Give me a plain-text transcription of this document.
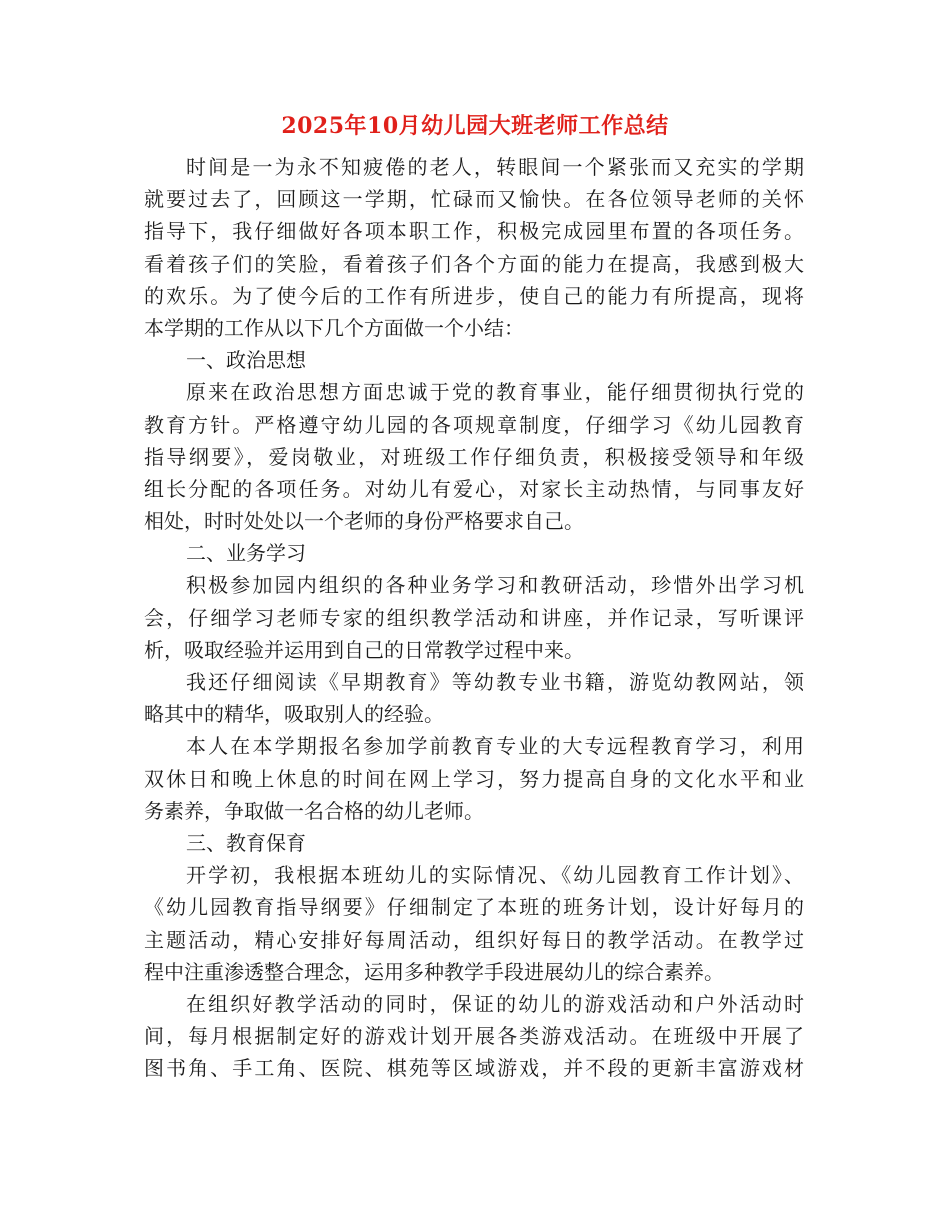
2025年10月幼儿园大班老师工作总结
时间是一为永不知疲倦的老人，转眼间一个紧张而又充实的学期
就要过去了，回顾这一学期，忙碌而又愉快。在各位领导老师的关怀
指导下，我仔细做好各项本职工作，积极完成园里布置的各项任务。
看着孩子们的笑脸，看着孩子们各个方面的能力在提高，我感到极大
的欢乐。为了使今后的工作有所进步，使自己的能力有所提高，现将
本学期的工作从以下几个方面做一个小结：
一、政治思想
原来在政治思想方面忠诚于党的教育事业，能仔细贯彻执行党的
教育方针。严格遵守幼儿园的各项规章制度，仔细学习《幼儿园教育
指导纲要》，爱岗敬业，对班级工作仔细负责，积极接受领导和年级
组长分配的各项任务。对幼儿有爱心，对家长主动热情，与同事友好
相处，时时处处以一个老师的身份严格要求自己。
二、业务学习
积极参加园内组织的各种业务学习和教研活动，珍惜外出学习机
会，仔细学习老师专家的组织教学活动和讲座，并作记录，写听课评
析，吸取经验并运用到自己的日常教学过程中来。
我还仔细阅读《早期教育》等幼教专业书籍，游览幼教网站，领
略其中的精华，吸取别人的经验。
本人在本学期报名参加学前教育专业的大专远程教育学习，利用
双休日和晚上休息的时间在网上学习，努力提高自身的文化水平和业
务素养，争取做一名合格的幼儿老师。
三、教育保育
开学初，我根据本班幼儿的实际情况、《幼儿园教育工作计划》、
《幼儿园教育指导纲要》仔细制定了本班的班务计划，设计好每月的
主题活动，精心安排好每周活动，组织好每日的教学活动。在教学过
程中注重渗透整合理念，运用多种教学手段进展幼儿的综合素养。
在组织好教学活动的同时，保证的幼儿的游戏活动和户外活动时
间，每月根据制定好的游戏计划开展各类游戏活动。在班级中开展了
图书角、手工角、医院、棋苑等区域游戏，并不段的更新丰富游戏材
